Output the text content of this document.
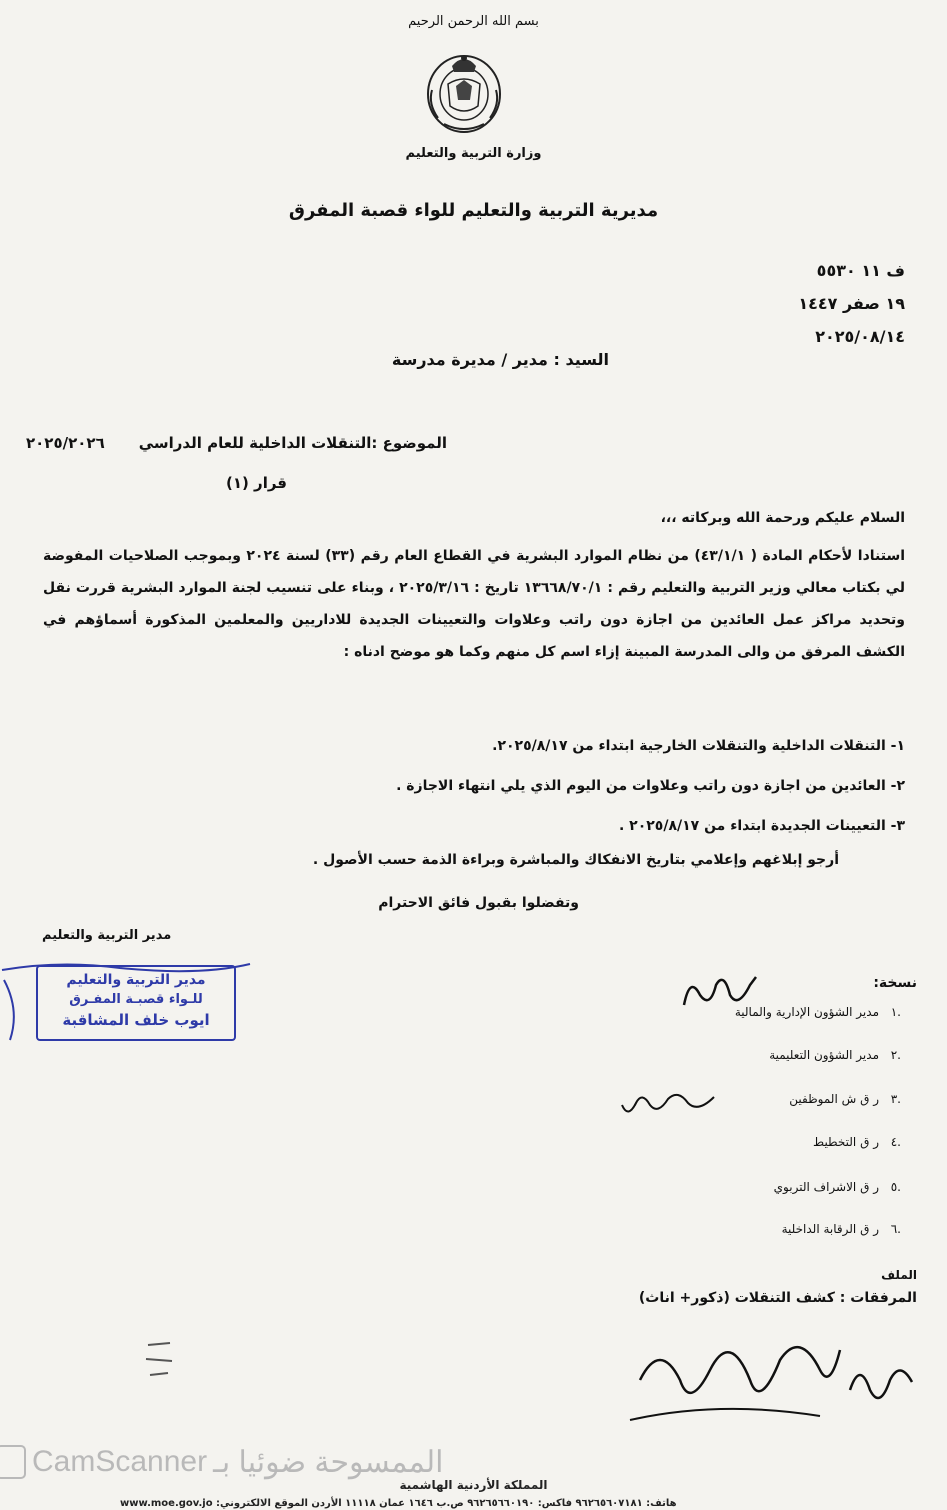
بسم الله الرحمن الرحيم
وزارة التربية والتعليم
مديرية التربية والتعليم للواء قصبة المفرق
ف ١١ ٥٥٣٠
١٩ صفر ١٤٤٧
٢٠٢٥/٠٨/١٤
السيد : مدير / مديرة مدرسة
الموضوع :التنقلات الداخلية للعام الدراسي
٢٠٢٥/٢٠٢٦
قرار (١)
السلام عليكم ورحمة الله وبركاته ،،،
استنادا لأحكام المادة ( ٤٣/١/١) من نظام الموارد البشرية في القطاع العام رقم (٣٣) لسنة ٢٠٢٤ وبموجب الصلاحيات المفوضة لي بكتاب معالي وزير التربية والتعليم رقم : ١٣٦٦٨/٧٠/١ تاريخ : ٢٠٢٥/٣/١٦ ، وبناء على تنسيب لجنة الموارد البشرية قررت نقل وتحديد مراكز عمل العائدين من اجازة دون راتب وعلاوات والتعيينات الجديدة للاداريين والمعلمين المذكورة أسماؤهم في الكشف المرفق من والى المدرسة المبينة إزاء اسم كل منهم وكما هو موضح ادناه :
١- التنقلات الداخلية والتنقلات الخارجية ابتداء من ٢٠٢٥/٨/١٧.
٢- العائدين من اجازة دون راتب وعلاوات من اليوم الذي يلي انتهاء الاجازة .
٣- التعيينات الجديدة ابتداء من ٢٠٢٥/٨/١٧ .
أرجو إبلاغهم وإعلامي بتاريخ الانفكاك والمباشرة وبراءة الذمة حسب الأصول .
وتفضلوا بقبول فائق الاحترام
مدير التربية والتعليم
مدير التربية والتعليم
للـواء قصبـة المفـرق
ايوب خلف المشاقبة
نسخة:
.١مدير الشؤون الإدارية والمالية
.٢مدير الشؤون التعليمية
.٣ر ق ش الموظفين
.٤ر ق التخطيط
.٥ر ق الاشراف التربوي
.٦ر ق الرقابة الداخلية
الملف
المرفقات : كشف التنقلات (ذكور+ اناث)
CamScanner الممسوحة ضوئيا بـ
المملكة الأردنية الهاشمية
هاتف: ٩٦٢٦٥٦٠٧١٨١ فاكس: ٩٦٢٦٥٦٦٠١٩٠ ص.ب ١٦٤٦ عمان ١١١١٨ الأردن الموقع الالكتروني: www.moe.gov.jo
